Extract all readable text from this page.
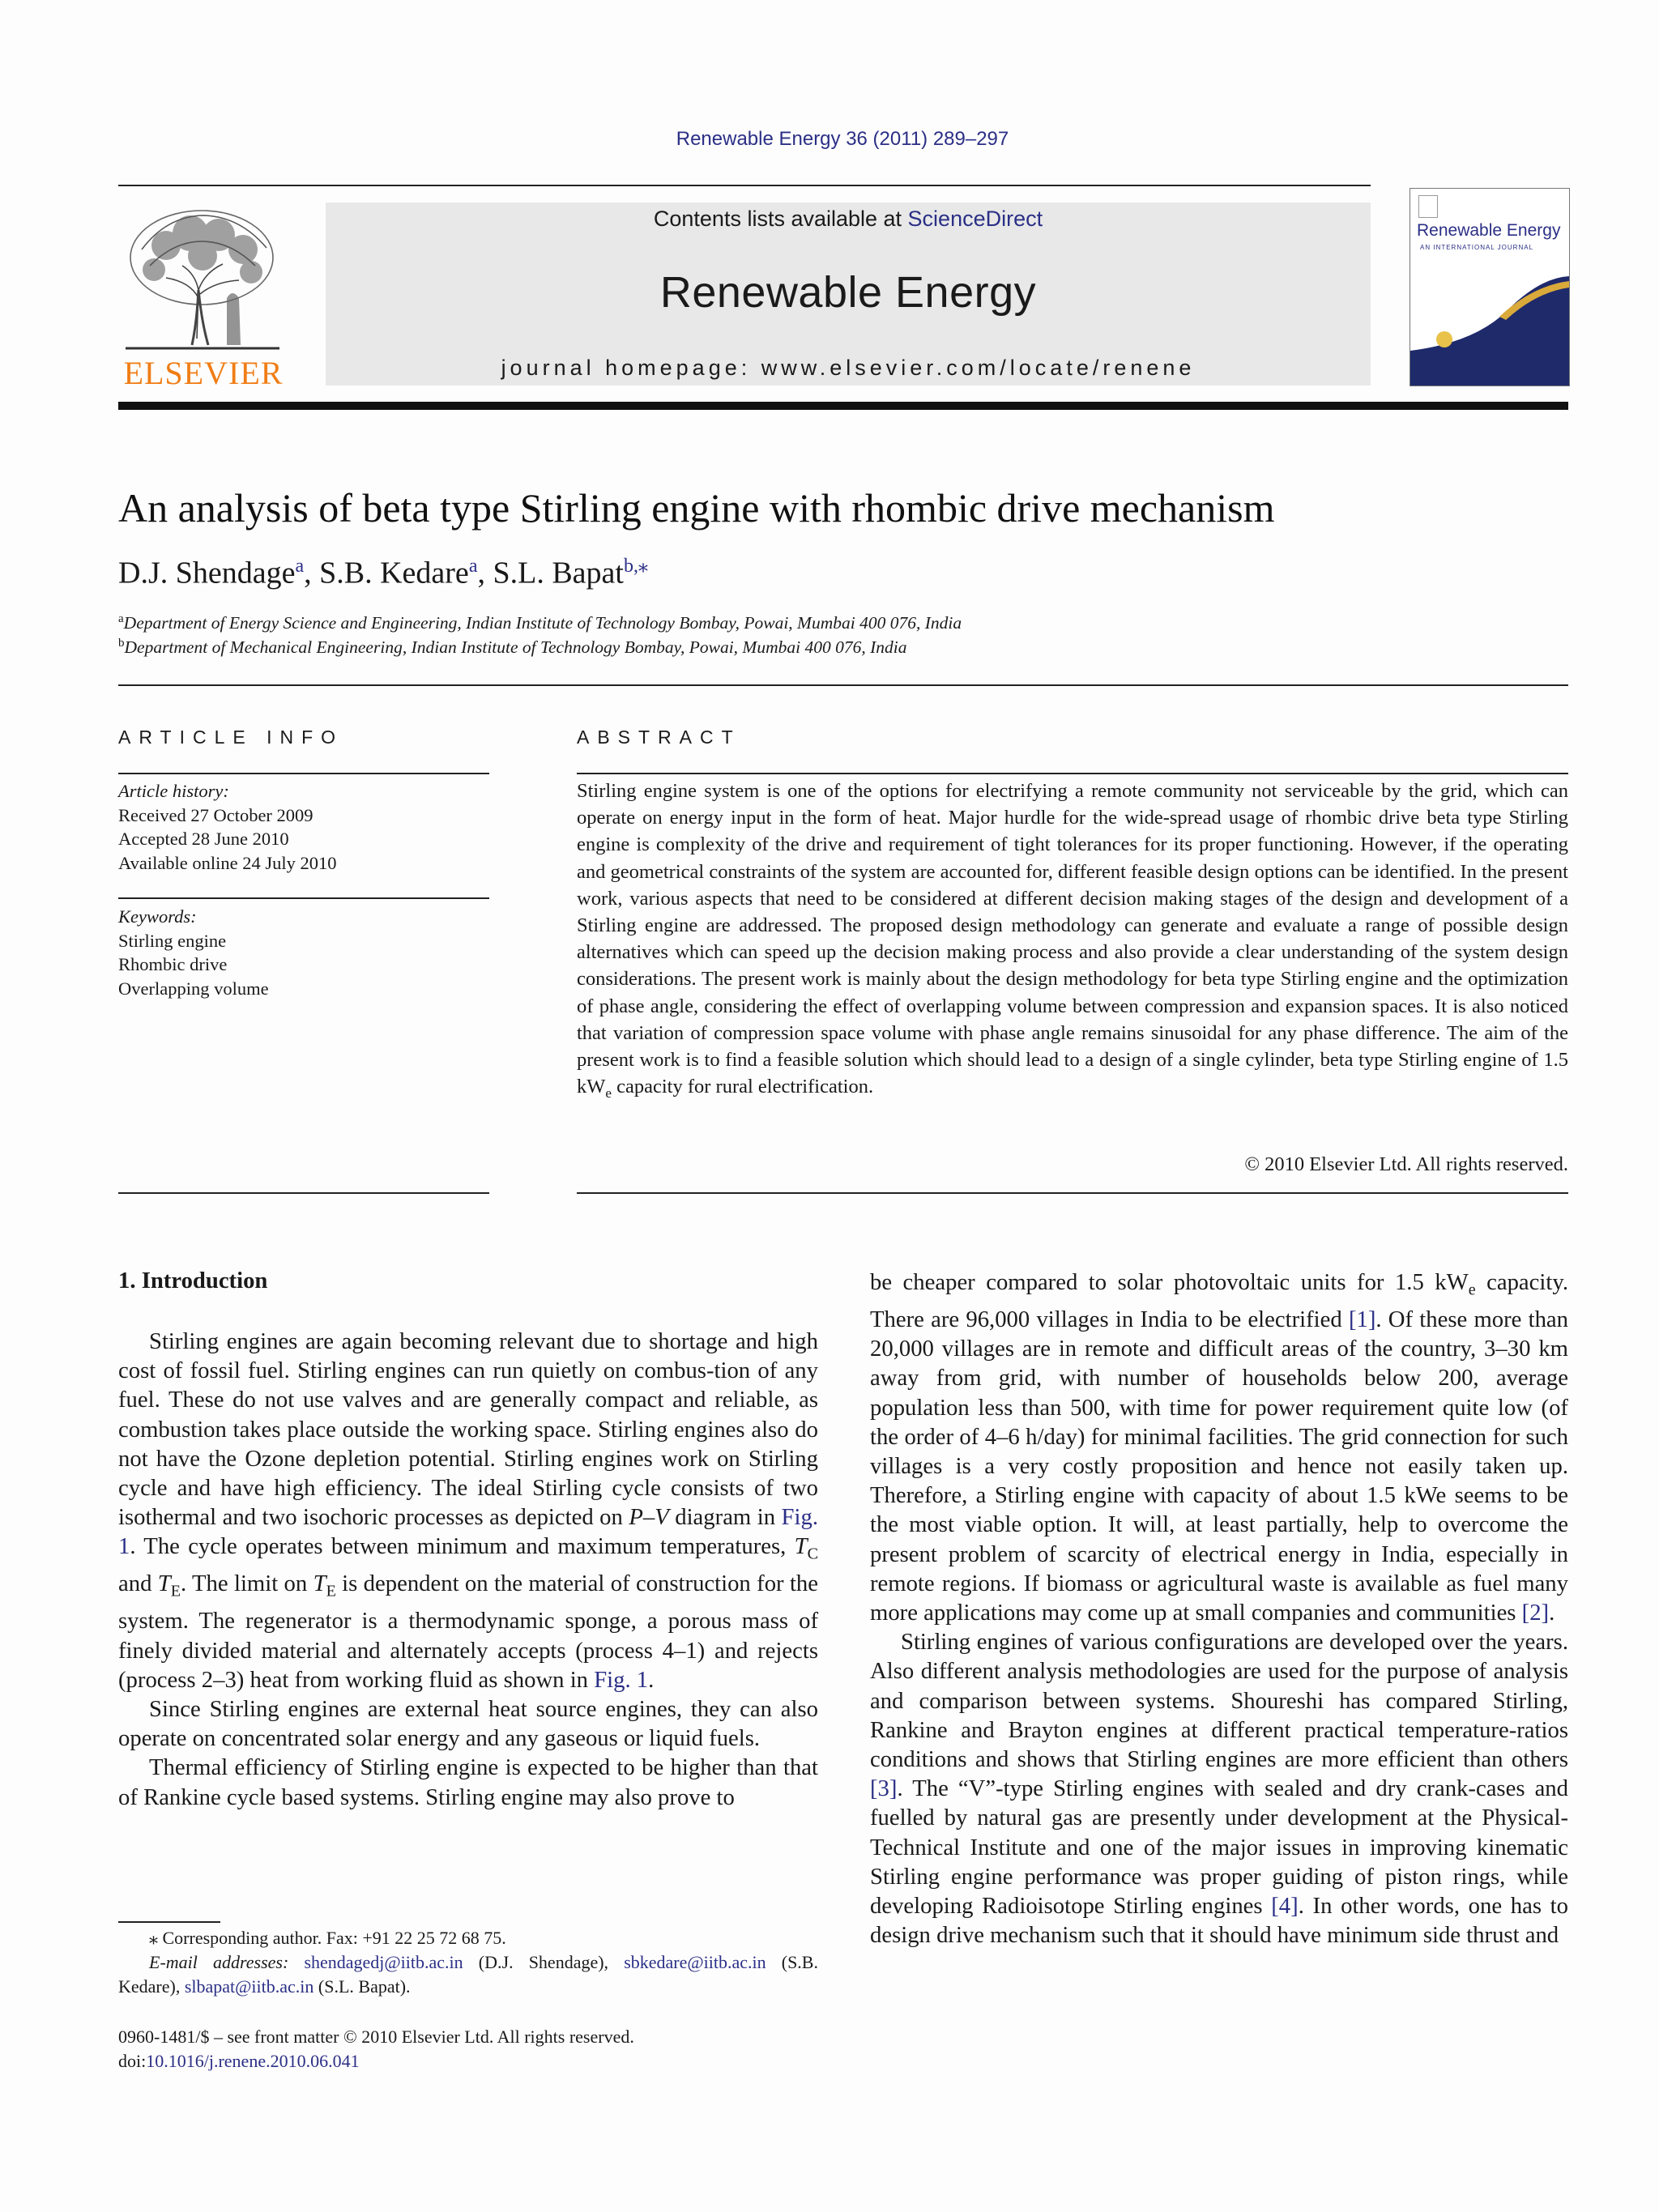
Renewable Energy 36 (2011) 289–297
ELSEVIER
Contents lists available at ScienceDirect
Renewable Energy
journal homepage: www.elsevier.com/locate/renene
Renewable Energy
AN INTERNATIONAL JOURNAL
An analysis of beta type Stirling engine with rhombic drive mechanism
D.J. Shendage$^a$, S.B. Kedare$^a$, S.L. Bapat$^{b,⁎}$
$^a$Department of Energy Science and Engineering, Indian Institute of Technology Bombay, Powai, Mumbai 400 076, India
$^b$Department of Mechanical Engineering, Indian Institute of Technology Bombay, Powai, Mumbai 400 076, India
ARTICLE INFO
Article history:
Received 27 October 2009
Accepted 28 June 2010
Available online 24 July 2010
Keywords:
Stirling engine
Rhombic drive
Overlapping volume
ABSTRACT
Stirling engine system is one of the options for electrifying a remote community not serviceable by the grid, which can operate on energy input in the form of heat. Major hurdle for the wide-spread usage of rhombic drive beta type Stirling engine is complexity of the drive and requirement of tight tolerances for its proper functioning. However, if the operating and geometrical constraints of the system are accounted for, different feasible design options can be identified. In the present work, various aspects that need to be considered at different decision making stages of the design and development of a Stirling engine are addressed. The proposed design methodology can generate and evaluate a range of possible design alternatives which can speed up the decision making process and also provide a clear understanding of the system design considerations. The present work is mainly about the design methodology for beta type Stirling engine and the optimization of phase angle, considering the effect of overlapping volume between compression and expansion spaces. It is also noticed that variation of compression space volume with phase angle remains sinusoidal for any phase difference. The aim of the present work is to find a feasible solution which should lead to a design of a single cylinder, beta type Stirling engine of 1.5 $kW_e$ capacity for rural electrification.
© 2010 Elsevier Ltd. All rights reserved.
1. Introduction

Stirling engines are again becoming relevant due to shortage and high cost of fossil fuel. Stirling engines can run quietly on combus-tion of any fuel. These do not use valves and are generally compact and reliable, as combustion takes place outside the working space. Stirling engines also do not have the Ozone depletion potential. Stirling engines work on Stirling cycle and have high efficiency. The ideal Stirling cycle consists of two isothermal and two isochoric processes as depicted on P–V diagram in Fig. 1. The cycle operates between minimum and maximum temperatures, $T_C$ and $T_E$. The limit on $T_E$ is dependent on the material of construction for the system. The regenerator is a thermodynamic sponge, a porous mass of finely divided material and alternately accepts (process 4–1) and rejects (process 2–3) heat from working fluid as shown in Fig. 1.

Since Stirling engines are external heat source engines, they can also operate on concentrated solar energy and any gaseous or liquid fuels.

Thermal efficiency of Stirling engine is expected to be higher than that of Rankine cycle based systems. Stirling engine may also prove to

be cheaper compared to solar photovoltaic units for 1.5 $kW_e$ capacity. There are 96,000 villages in India to be electrified [1]. Of these more than 20,000 villages are in remote and difficult areas of the country, 3–30 km away from grid, with number of households below 200, average population less than 500, with time for power requirement quite low (of the order of 4–6 h/day) for minimal facilities. The grid connection for such villages is a very costly proposition and hence not easily taken up. Therefore, a Stirling engine with capacity of about 1.5 kWe seems to be the most viable option. It will, at least partially, help to overcome the present problem of scarcity of electrical energy in India, especially in remote regions. If biomass or agricultural waste is available as fuel many more applications may come up at small companies and communities [2].

Stirling engines of various configurations are developed over the years. Also different analysis methodologies are used for the purpose of analysis and comparison between systems. Shoureshi has compared Stirling, Rankine and Brayton engines at different practical temperature-ratios conditions and shows that Stirling engines are more efficient than others [3]. The “V”-type Stirling engines with sealed and dry crank-cases and fuelled by natural gas are presently under development at the Physical-Technical Institute and one of the major issues in improving kinematic Stirling engine performance was proper guiding of piston rings, while developing Radioisotope Stirling engines [4]. In other words, one has to design drive mechanism such that it should have minimum side thrust and

⁎ Corresponding author. Fax: +91 22 25 72 68 75.
E-mail addresses: shendagedj@iitb.ac.in (D.J. Shendage), sbkedare@iitb.ac.in (S.B. Kedare), slbapat@iitb.ac.in (S.L. Bapat).
0960-1481/$ – see front matter © 2010 Elsevier Ltd. All rights reserved.
doi:10.1016/j.renene.2010.06.041
